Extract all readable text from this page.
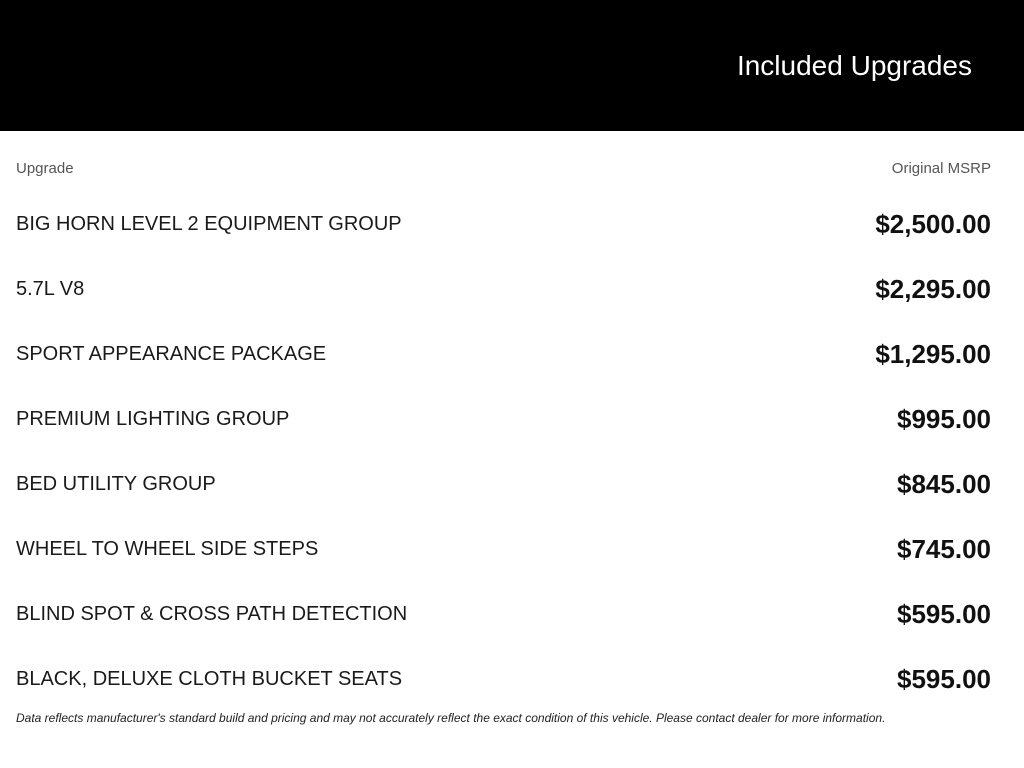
Included Upgrades
Upgrade	Original MSRP
BIG HORN LEVEL 2 EQUIPMENT GROUP	$2,500.00
5.7L V8	$2,295.00
SPORT APPEARANCE PACKAGE	$1,295.00
PREMIUM LIGHTING GROUP	$995.00
BED UTILITY GROUP	$845.00
WHEEL TO WHEEL SIDE STEPS	$745.00
BLIND SPOT & CROSS PATH DETECTION	$595.00
BLACK, DELUXE CLOTH BUCKET SEATS	$595.00
Data reflects manufacturer's standard build and pricing and may not accurately reflect the exact condition of this vehicle. Please contact dealer for more information.
